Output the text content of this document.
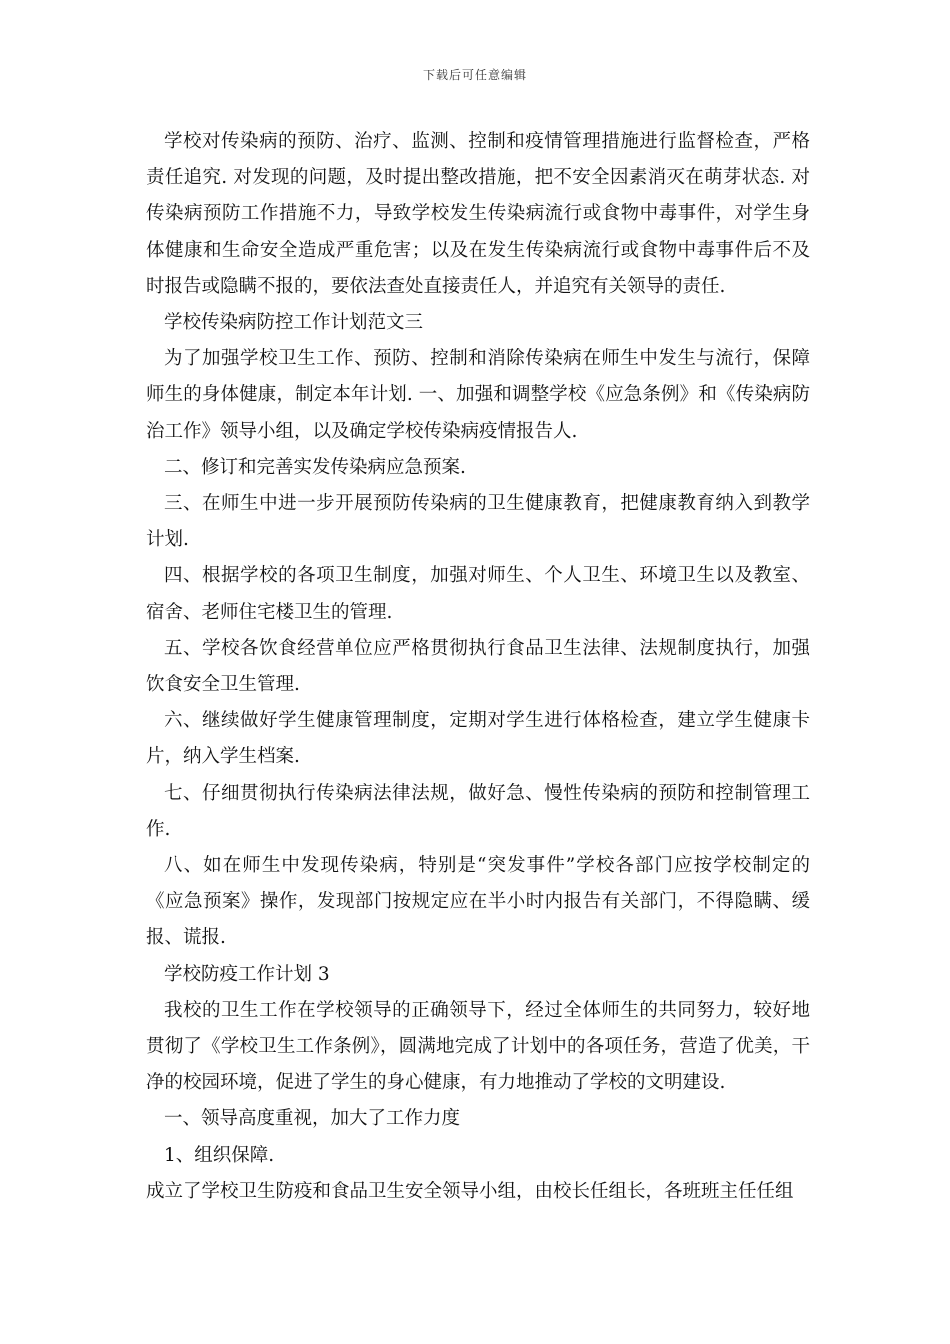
下载后可任意编辑

学校对传染病的预防、治疗、监测、控制和疫情管理措施进行监督检查，严格责任追究. 对发现的问题，及时提出整改措施，把不安全因素消灭在萌芽状态. 对传染病预防工作措施不力，导致学校发生传染病流行或食物中毒事件，对学生身体健康和生命安全造成严重危害；以及在发生传染病流行或食物中毒事件后不及时报告或隐瞒不报的，要依法查处直接责任人，并追究有关领导的责任.

学校传染病防控工作计划范文三

为了加强学校卫生工作、预防、控制和消除传染病在师生中发生与流行，保障师生的身体健康，制定本年计划. 一、加强和调整学校《应急条例》和《传染病防治工作》领导小组，以及确定学校传染病疫情报告人.

二、修订和完善实发传染病应急预案.

三、在师生中进一步开展预防传染病的卫生健康教育，把健康教育纳入到教学计划.

四、根据学校的各项卫生制度，加强对师生、个人卫生、环境卫生以及教室、宿舍、老师住宅楼卫生的管理.

五、学校各饮食经营单位应严格贯彻执行食品卫生法律、法规制度执行，加强饮食安全卫生管理.

六、继续做好学生健康管理制度，定期对学生进行体格检查，建立学生健康卡片，纳入学生档案.

七、仔细贯彻执行传染病法律法规，做好急、慢性传染病的预防和控制管理工作.

八、如在师生中发现传染病，特别是“突发事件”学校各部门应按学校制定的《应急预案》操作，发现部门按规定应在半小时内报告有关部门，不得隐瞒、缓报、谎报.

学校防疫工作计划 3

我校的卫生工作在学校领导的正确领导下，经过全体师生的共同努力，较好地贯彻了《学校卫生工作条例》，圆满地完成了计划中的各项任务，营造了优美，干净的校园环境，促进了学生的身心健康，有力地推动了学校的文明建设.

一、领导高度重视，加大了工作力度

1、组织保障.

成立了学校卫生防疫和食品卫生安全领导小组，由校长任组长，各班班主任任组
